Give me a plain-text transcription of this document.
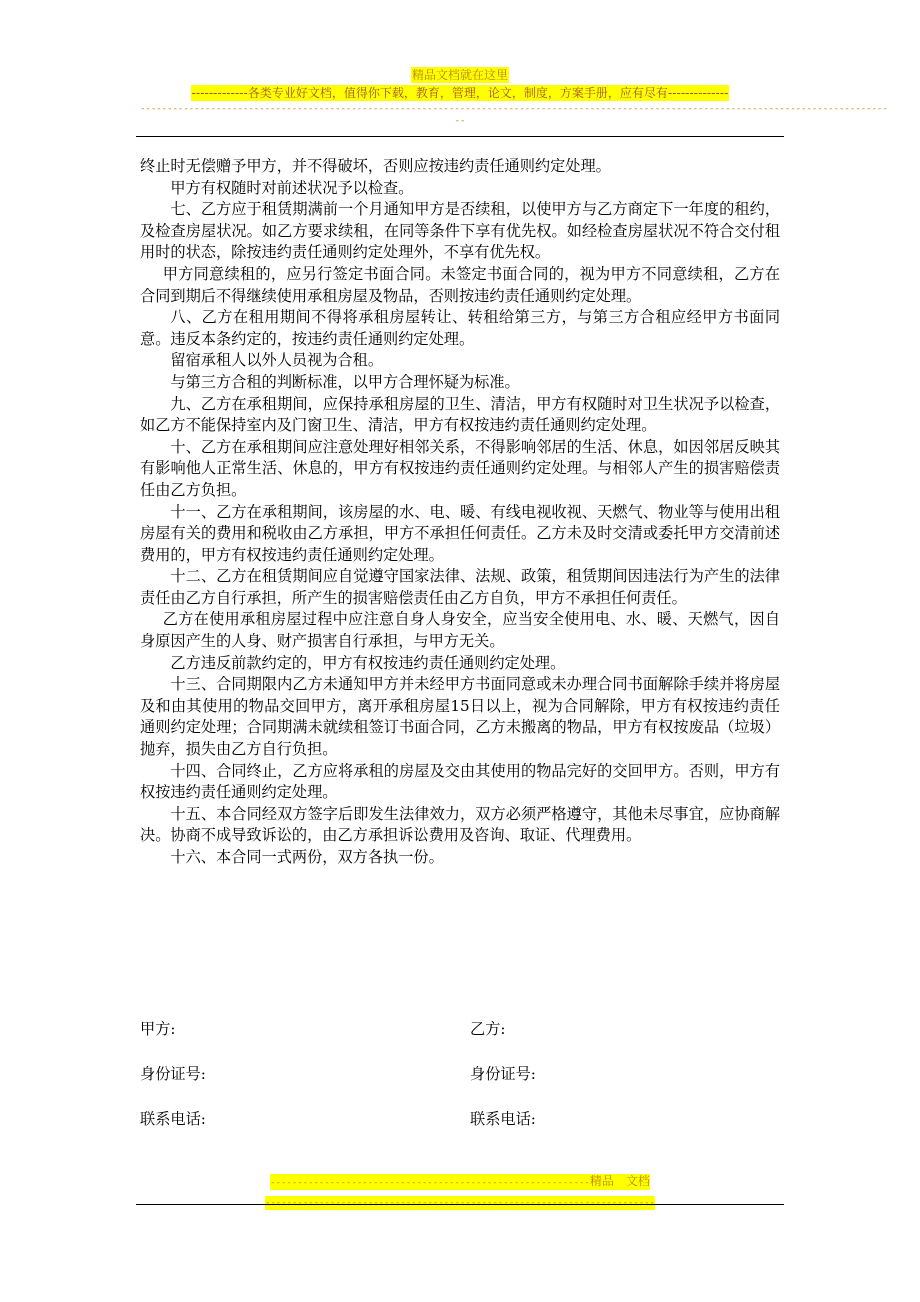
精品文档就在这里
-------------各类专业好文档，值得你下载，教育，管理，论文，制度，方案手册，应有尽有--------------
------------------------------------------------------------------------------------------------------------------------------------------
--

终止时无偿赠予甲方，并不得破坏，否则应按违约责任通则约定处理。

甲方有权随时对前述状况予以检查。

七、乙方应于租赁期满前一个月通知甲方是否续租，以使甲方与乙方商定下一年度的租约，及检查房屋状况。如乙方要求续租，在同等条件下享有优先权。如经检查房屋状况不符合交付租用时的状态，除按违约责任通则约定处理外，不享有优先权。

甲方同意续租的，应另行签定书面合同。未签定书面合同的，视为甲方不同意续租，乙方在合同到期后不得继续使用承租房屋及物品，否则按违约责任通则约定处理。

八、乙方在租用期间不得将承租房屋转让、转租给第三方，与第三方合租应经甲方书面同意。违反本条约定的，按违约责任通则约定处理。

留宿承租人以外人员视为合租。

与第三方合租的判断标准，以甲方合理怀疑为标准。

九、乙方在承租期间，应保持承租房屋的卫生、清洁，甲方有权随时对卫生状况予以检查，如乙方不能保持室内及门窗卫生、清洁，甲方有权按违约责任通则约定处理。

十、乙方在承租期间应注意处理好相邻关系，不得影响邻居的生活、休息，如因邻居反映其有影响他人正常生活、休息的，甲方有权按违约责任通则约定处理。与相邻人产生的损害赔偿责任由乙方负担。

十一、乙方在承租期间，该房屋的水、电、暖、有线电视收视、天燃气、物业等与使用出租房屋有关的费用和税收由乙方承担，甲方不承担任何责任。乙方未及时交清或委托甲方交清前述费用的，甲方有权按违约责任通则约定处理。

十二、乙方在租赁期间应自觉遵守国家法律、法规、政策，租赁期间因违法行为产生的法律责任由乙方自行承担，所产生的损害赔偿责任由乙方自负，甲方不承担任何责任。

乙方在使用承租房屋过程中应注意自身人身安全，应当安全使用电、水、暖、天燃气，因自身原因产生的人身、财产损害自行承担，与甲方无关。

乙方违反前款约定的，甲方有权按违约责任通则约定处理。

十三、合同期限内乙方未通知甲方并未经甲方书面同意或未办理合同书面解除手续并将房屋及和由其使用的物品交回甲方，离开承租房屋15日以上，视为合同解除，甲方有权按违约责任通则约定处理；合同期满未就续租签订书面合同，乙方未搬离的物品，甲方有权按废品（垃圾）抛弃，损失由乙方自行负担。

十四、合同终止，乙方应将承租的房屋及交由其使用的物品完好的交回甲方。否则，甲方有权按违约责任通则约定处理。

十五、本合同经双方签字后即发生法律效力，双方必须严格遵守，其他未尽事宜，应协商解决。协商不成导致诉讼的，由乙方承担诉讼费用及咨询、取证、代理费用。

十六、本合同一式两份，双方各执一份。

甲方:	乙方:
身份证号:	身份证号:
联系电话:	联系电话:
-----------------------------------------------------------精品　文档
------------------------------------------------------------------------
